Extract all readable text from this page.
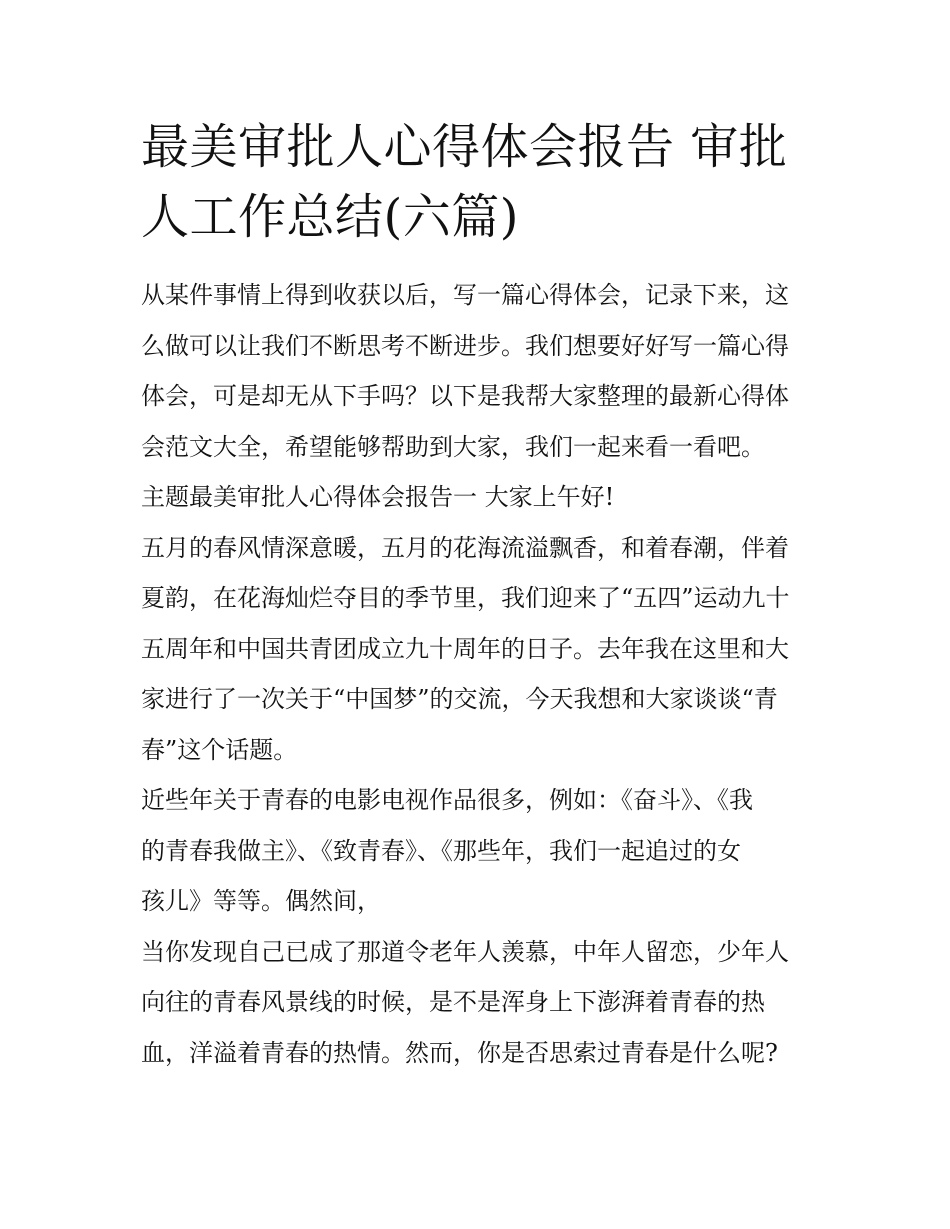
最美审批人心得体会报告 审批
人工作总结(六篇)

从某件事情上得到收获以后，写一篇心得体会，记录下来，这
么做可以让我们不断思考不断进步。我们想要好好写一篇心得
体会，可是却无从下手吗？以下是我帮大家整理的最新心得体
会范文大全，希望能够帮助到大家，我们一起来看一看吧。

主题最美审批人心得体会报告一 大家上午好!

五月的春风情深意暖，五月的花海流溢飘香，和着春潮，伴着
夏韵，在花海灿烂夺目的季节里，我们迎来了“五四”运动九十
五周年和中国共青团成立九十周年的日子。去年我在这里和大
家进行了一次关于“中国梦”的交流，今天我想和大家谈谈“青
春”这个话题。

近些年关于青春的电影电视作品很多，例如：《奋斗》、《我
的青春我做主》、《致青春》、《那些年，我们一起追过的女
孩儿》等等。偶然间，

当你发现自己已成了那道令老年人羡慕，中年人留恋，少年人
向往的青春风景线的时候，是不是浑身上下澎湃着青春的热
血，洋溢着青春的热情。然而，你是否思索过青春是什么呢?
